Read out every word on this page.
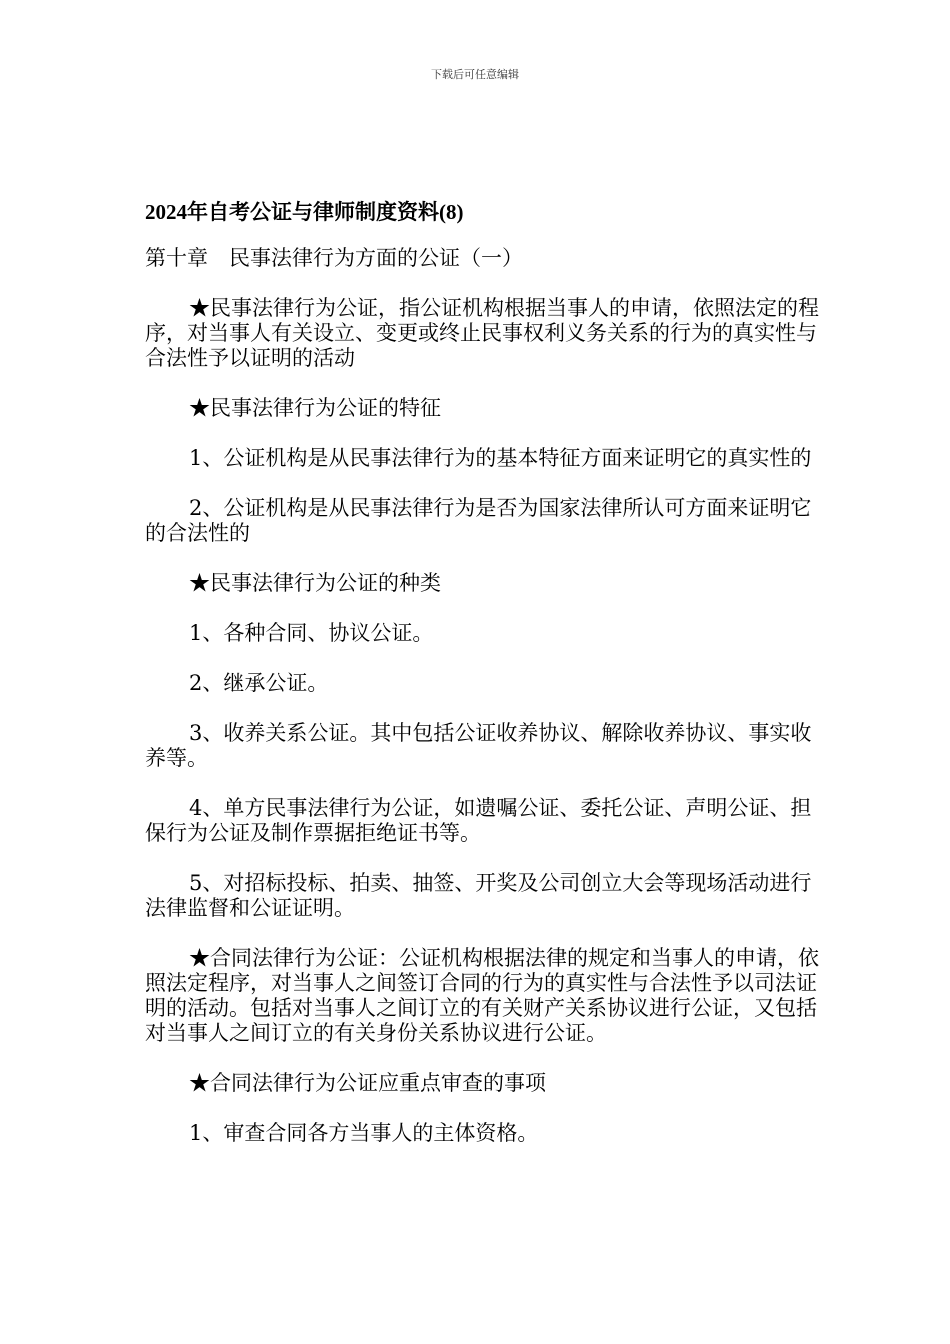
下载后可任意编辑
2024年自考公证与律师制度资料(8)

第十章　民事法律行为方面的公证（一）

★民事法律行为公证，指公证机构根据当事人的申请，依照法定的程序，对当事人有关设立、变更或终止民事权利义务关系的行为的真实性与合法性予以证明的活动

★民事法律行为公证的特征

1、公证机构是从民事法律行为的基本特征方面来证明它的真实性的

2、公证机构是从民事法律行为是否为国家法律所认可方面来证明它的合法性的

★民事法律行为公证的种类

1、各种合同、协议公证。

2、继承公证。

3、收养关系公证。其中包括公证收养协议、解除收养协议、事实收养等。

4、单方民事法律行为公证，如遗嘱公证、委托公证、声明公证、担保行为公证及制作票据拒绝证书等。

5、对招标投标、拍卖、抽签、开奖及公司创立大会等现场活动进行法律监督和公证证明。

★合同法律行为公证：公证机构根据法律的规定和当事人的申请，依照法定程序，对当事人之间签订合同的行为的真实性与合法性予以司法证明的活动。包括对当事人之间订立的有关财产关系协议进行公证，又包括对当事人之间订立的有关身份关系协议进行公证。

★合同法律行为公证应重点审查的事项

1、审查合同各方当事人的主体资格。
